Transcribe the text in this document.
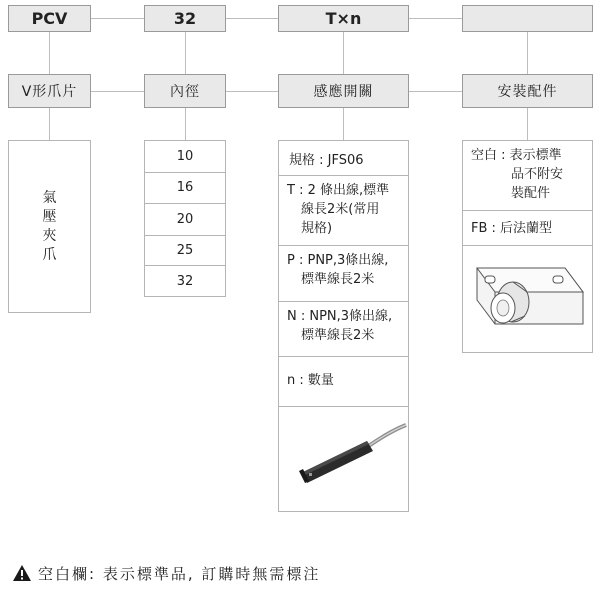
PCV	32	T×n
V形爪片	內徑	感應開關	安裝配件
氣
壓
夾
爪
10
16
20
25
32
規格 : JFS06
T : 2 條出線,標準
線長2米(常用
規格)
P : PNP,3條出線,
標準線長2米
N : NPN,3條出線,
標準線長2米
n : 數量
空白 : 表示標準
品不附安
裝配件
FB : 后法蘭型
空白欄: 表示標準品, 訂購時無需標注
